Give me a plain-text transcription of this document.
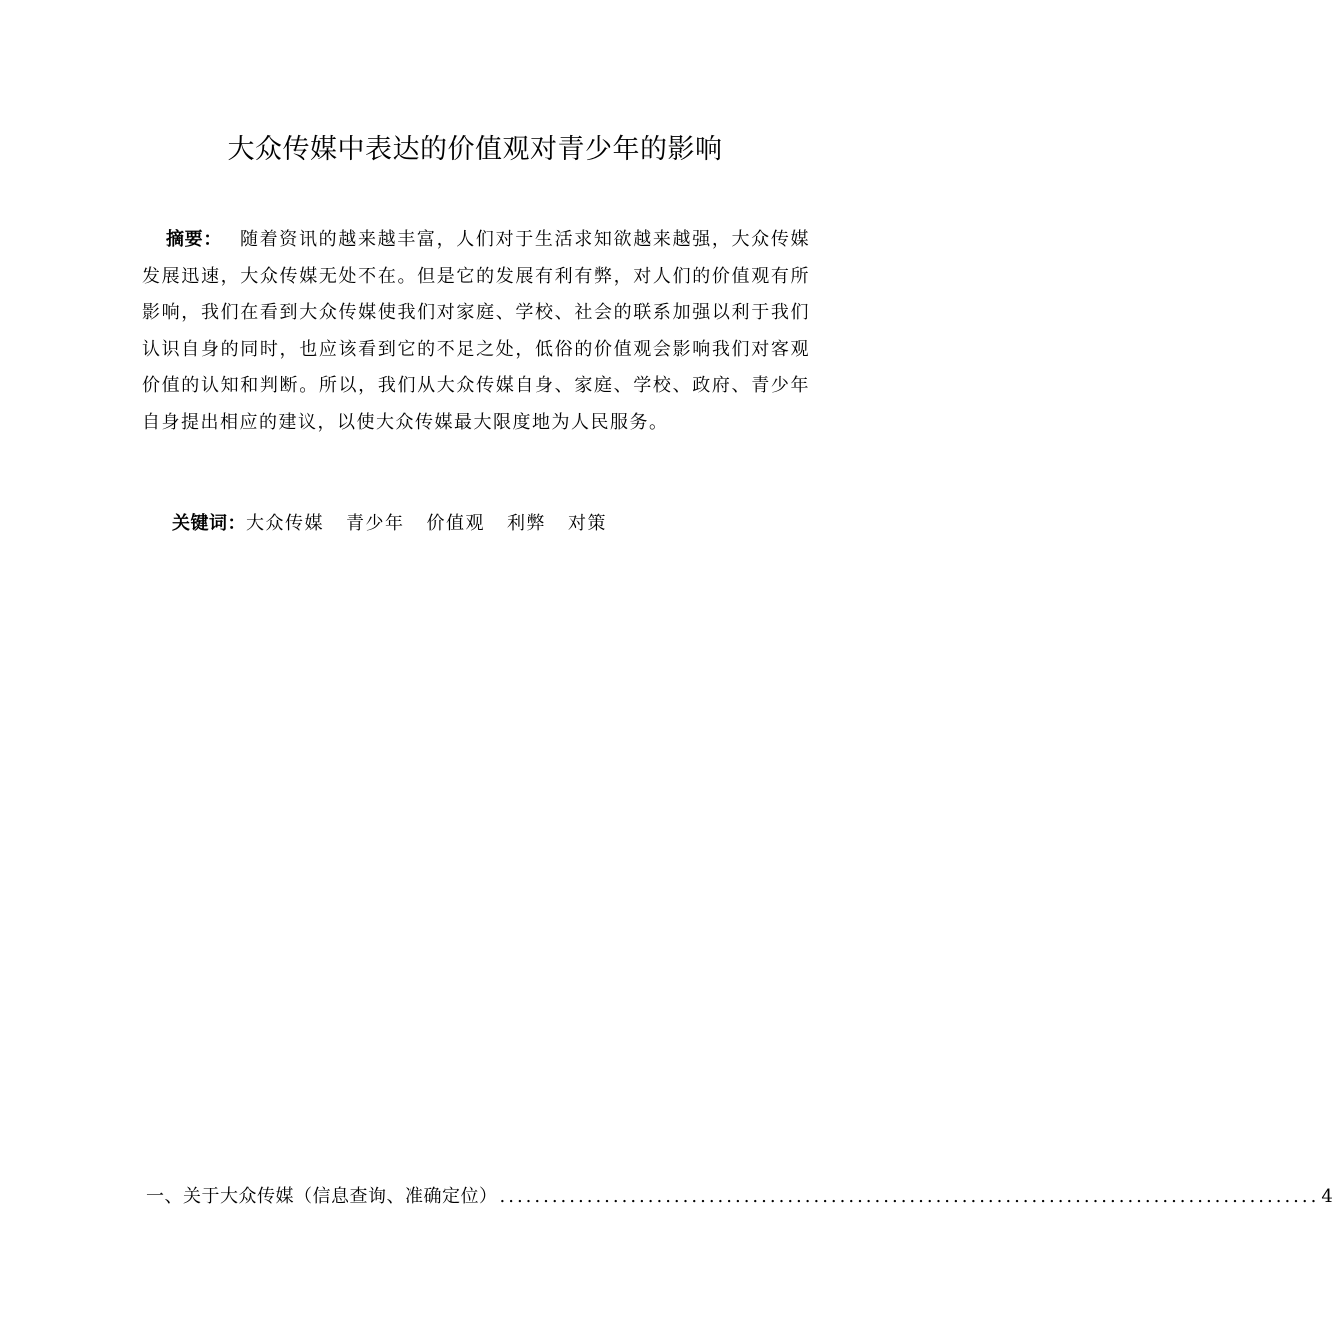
大众传媒中表达的价值观对青少年的影响
摘要： 随着资讯的越来越丰富，人们对于生活求知欲越来越强，大众传媒发展迅速，大众传媒无处不在。但是它的发展有利有弊，对人们的价值观有所影响，我们在看到大众传媒使我们对家庭、学校、社会的联系加强以利于我们认识自身的同时，也应该看到它的不足之处，低俗的价值观会影响我们对客观价值的认知和判断。所以，我们从大众传媒自身、家庭、学校、政府、青少年自身提出相应的建议，以使大众传媒最大限度地为人民服务。
关键词：大众传媒 青少年 价值观 利弊 对策
一、关于大众传媒（信息查询、准确定位） .............................................................................................. 4
